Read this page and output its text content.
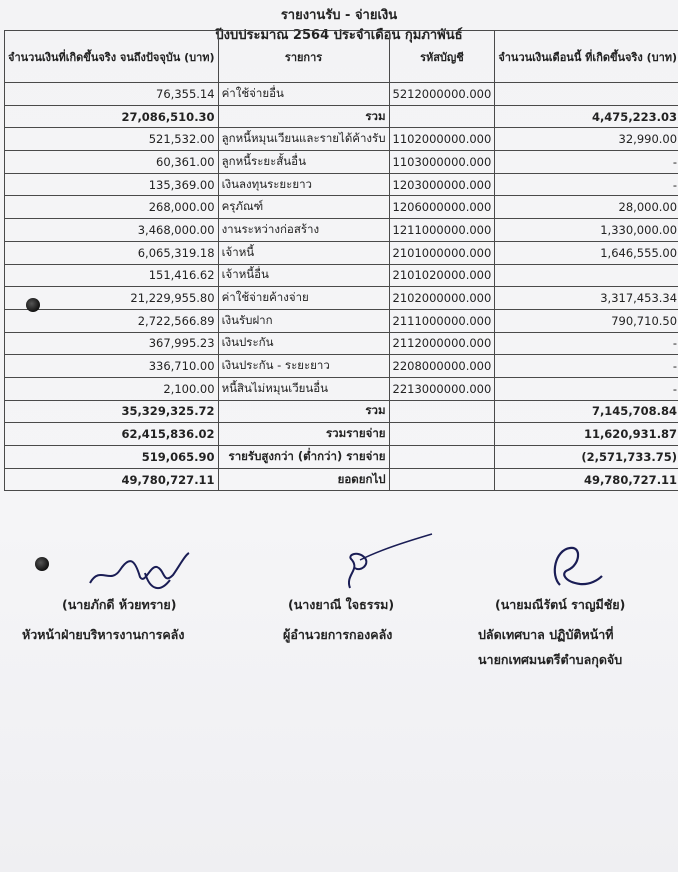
รายงานรับ - จ่ายเงิน
ปีงบประมาณ 2564 ประจำเดือน กุมภาพันธ์
จำนวนเงินที่เกิดขึ้นจริง จนถึงปัจจุบัน (บาท)	รายการ	รหัสบัญชี	จำนวนเงินเดือนนี้ ที่เกิดขึ้นจริง (บาท)
76,355.14	ค่าใช้จ่ายอื่น	5212000000.000	
27,086,510.30	รวม		4,475,223.03
521,532.00	ลูกหนี้หมุนเวียนและรายได้ค้างรับ	1102000000.000	32,990.00
60,361.00	ลูกหนี้ระยะสั้นอื่น	1103000000.000	-
135,369.00	เงินลงทุนระยะยาว	1203000000.000	-
268,000.00	ครุภัณฑ์	1206000000.000	28,000.00
3,468,000.00	งานระหว่างก่อสร้าง	1211000000.000	1,330,000.00
6,065,319.18	เจ้าหนี้	2101000000.000	1,646,555.00
151,416.62	เจ้าหนี้อื่น	2101020000.000	
21,229,955.80	ค่าใช้จ่ายค้างจ่าย	2102000000.000	3,317,453.34
2,722,566.89	เงินรับฝาก	2111000000.000	790,710.50
367,995.23	เงินประกัน	2112000000.000	-
336,710.00	เงินประกัน - ระยะยาว	2208000000.000	-
2,100.00	หนี้สินไม่หมุนเวียนอื่น	2213000000.000	-
35,329,325.72	รวม		7,145,708.84
62,415,836.02	รวมรายจ่าย		11,620,931.87
519,065.90	รายรับสูงกว่า (ต่ำกว่า) รายจ่าย		(2,571,733.75)
49,780,727.11	ยอดยกไป		49,780,727.11
(นายภักดี ห้วยทราย)
หัวหน้าฝ่ายบริหารงานการคลัง
(นางยาณี ใจธรรม)
ผู้อำนวยการกองคลัง
(นายมณีรัตน์ ราญมีชัย)
ปลัดเทศบาล ปฏิบัติหน้าที่
นายกเทศมนตรีตำบลกุดจับ
